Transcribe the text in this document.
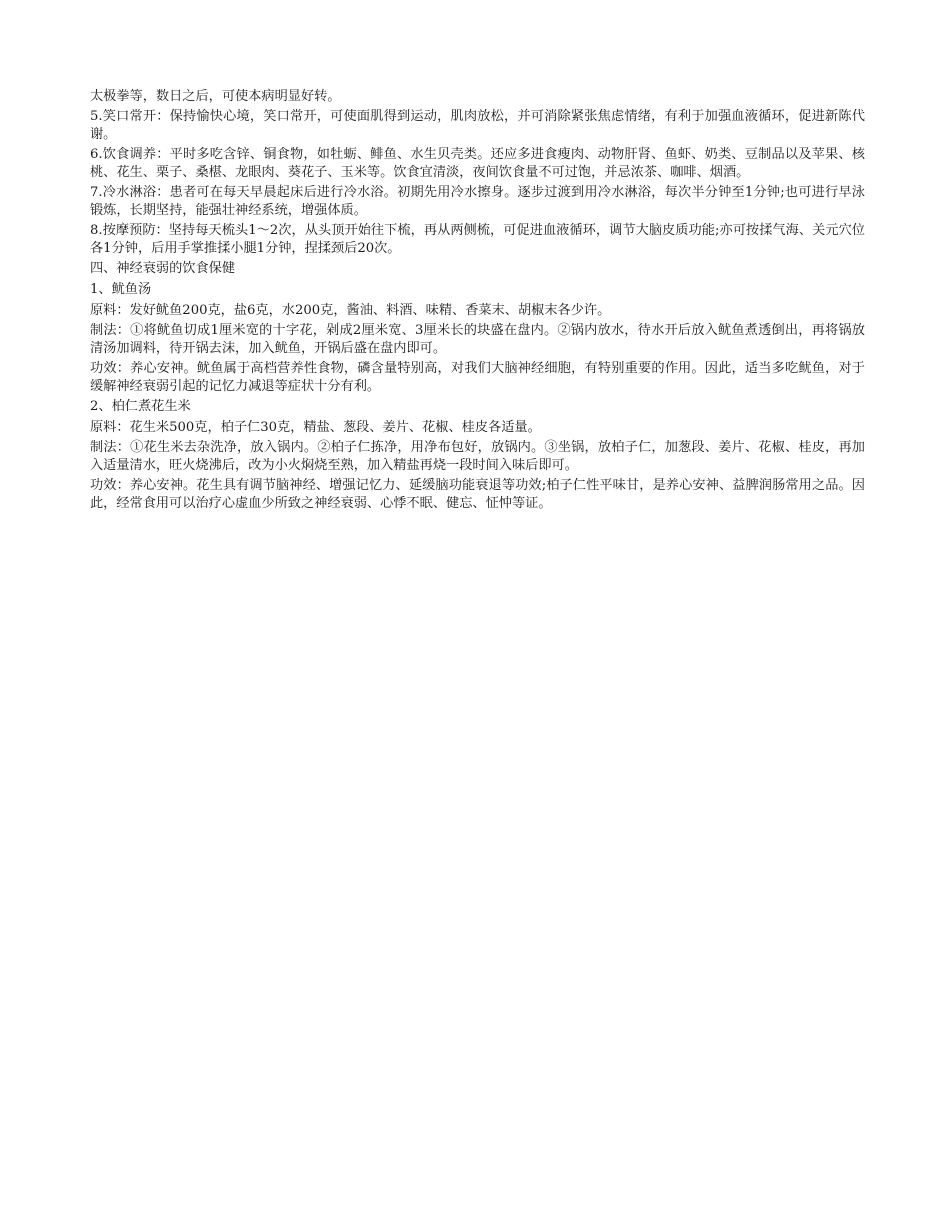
太极拳等，数日之后，可使本病明显好转。

5.笑口常开：保持愉快心境，笑口常开，可使面肌得到运动，肌肉放松，并可消除紧张焦虑情绪，有利于加强血液循环，促进新陈代谢。

6.饮食调养：平时多吃含锌、铜食物，如牡蛎、鲱鱼、水生贝壳类。还应多进食瘦肉、动物肝肾、鱼虾、奶类、豆制品以及苹果、核桃、花生、栗子、桑椹、龙眼肉、葵花子、玉米等。饮食宜清淡，夜间饮食量不可过饱，并忌浓茶、咖啡、烟酒。

7.冷水淋浴：患者可在每天早晨起床后进行冷水浴。初期先用冷水擦身。逐步过渡到用冷水淋浴，每次半分钟至1分钟;也可进行早泳锻炼，长期坚持，能强壮神经系统，增强体质。

8.按摩预防：坚持每天梳头1～2次，从头顶开始往下梳，再从两侧梳，可促进血液循环，调节大脑皮质功能;亦可按揉气海、关元穴位各1分钟，后用手掌推揉小腿1分钟，捏揉颈后20次。

四、神经衰弱的饮食保健

1、鱿鱼汤

原料：发好鱿鱼200克，盐6克，水200克，酱油、料酒、味精、香菜末、胡椒末各少许。

制法：①将鱿鱼切成1厘米宽的十字花，剁成2厘米宽、3厘米长的块盛在盘内。②锅内放水，待水开后放入鱿鱼煮透倒出，再将锅放清汤加调料，待开锅去沫，加入鱿鱼，开锅后盛在盘内即可。

功效：养心安神。鱿鱼属于高档营养性食物，磷含量特别高，对我们大脑神经细胞，有特别重要的作用。因此，适当多吃鱿鱼，对于缓解神经衰弱引起的记忆力减退等症状十分有利。

2、柏仁煮花生米

原料：花生米500克，柏子仁30克，精盐、葱段、姜片、花椒、桂皮各适量。

制法：①花生米去杂洗净，放入锅内。②柏子仁拣净，用净布包好，放锅内。③坐锅，放柏子仁，加葱段、姜片、花椒、桂皮，再加入适量清水，旺火烧沸后，改为小火焖烧至熟，加入精盐再烧一段时间入味后即可。

功效：养心安神。花生具有调节脑神经、增强记忆力、延缓脑功能衰退等功效;柏子仁性平味甘，是养心安神、益脾润肠常用之品。因此，经常食用可以治疗心虚血少所致之神经衰弱、心悸不眠、健忘、怔忡等证。
